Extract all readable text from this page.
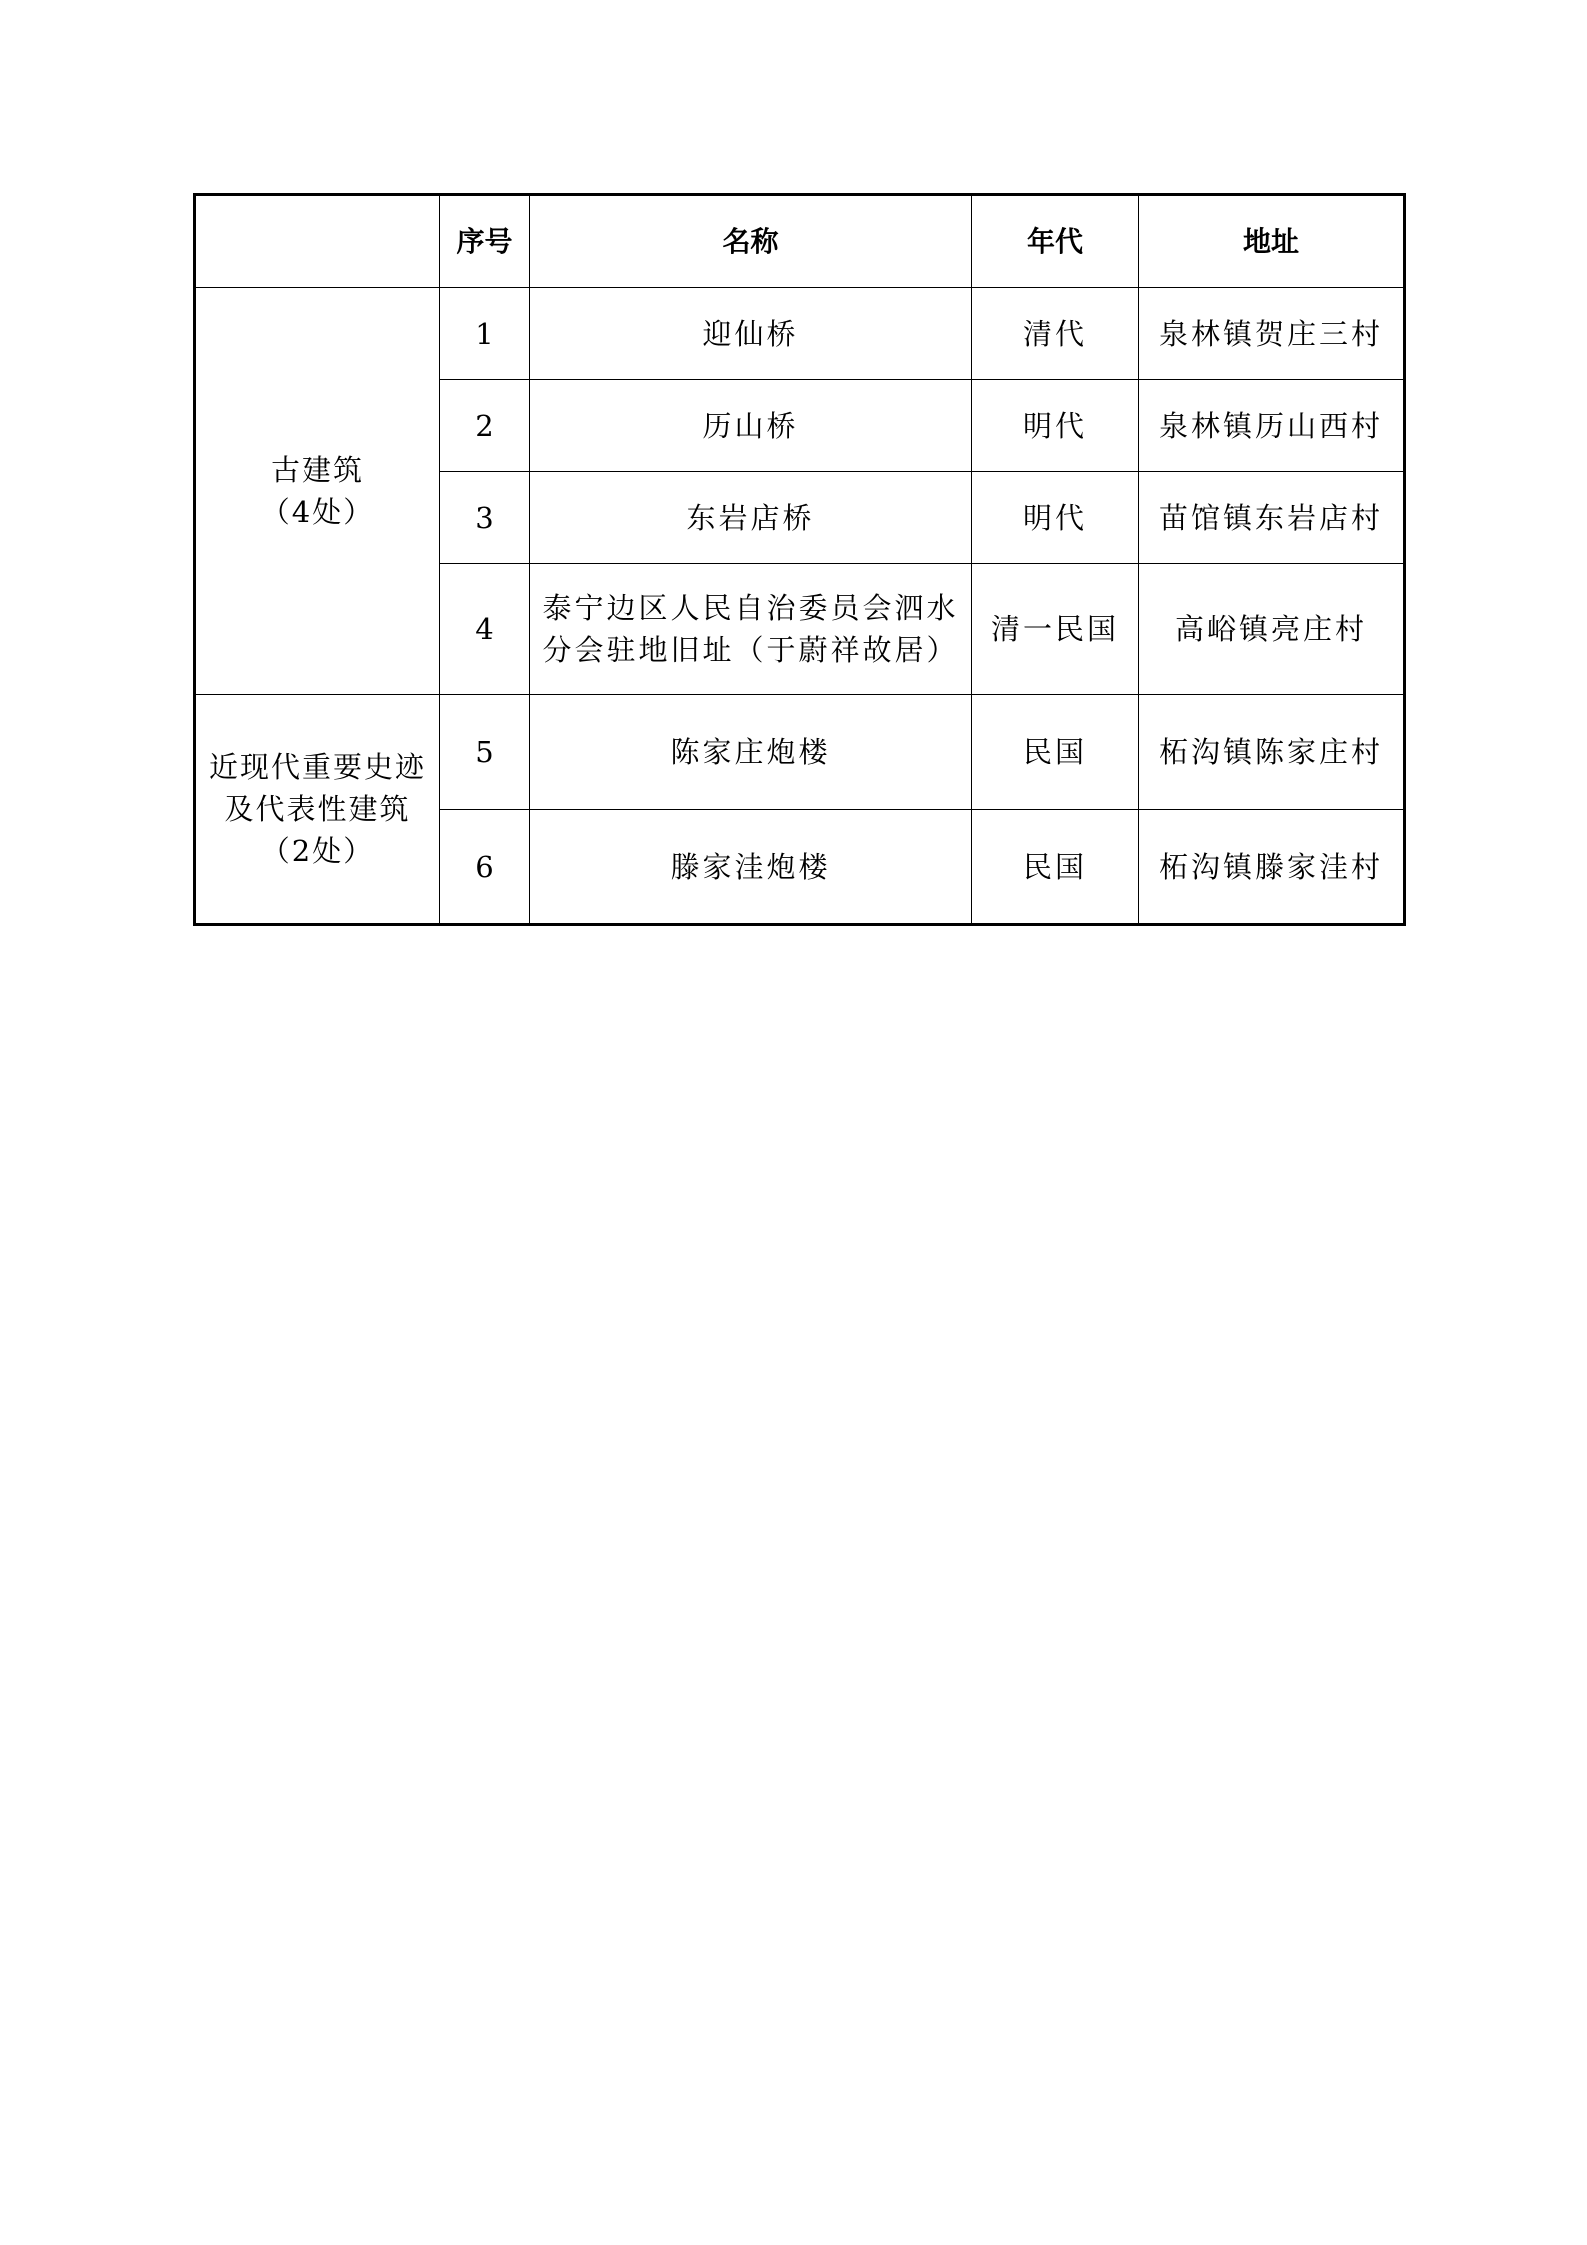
	序号	名称	年代	地址
古建筑
（4处）	1	迎仙桥	清代	泉林镇贺庄三村
	2	历山桥	明代	泉林镇历山西村
	3	东岩店桥	明代	苗馆镇东岩店村
	4	泰宁边区人民自治委员会泗水分会驻地旧址（于蔚祥故居）	清一民国	高峪镇亮庄村
近现代重要史迹及代表性建筑
（2处）	5	陈家庄炮楼	民国	柘沟镇陈家庄村
	6	滕家洼炮楼	民国	柘沟镇滕家洼村
